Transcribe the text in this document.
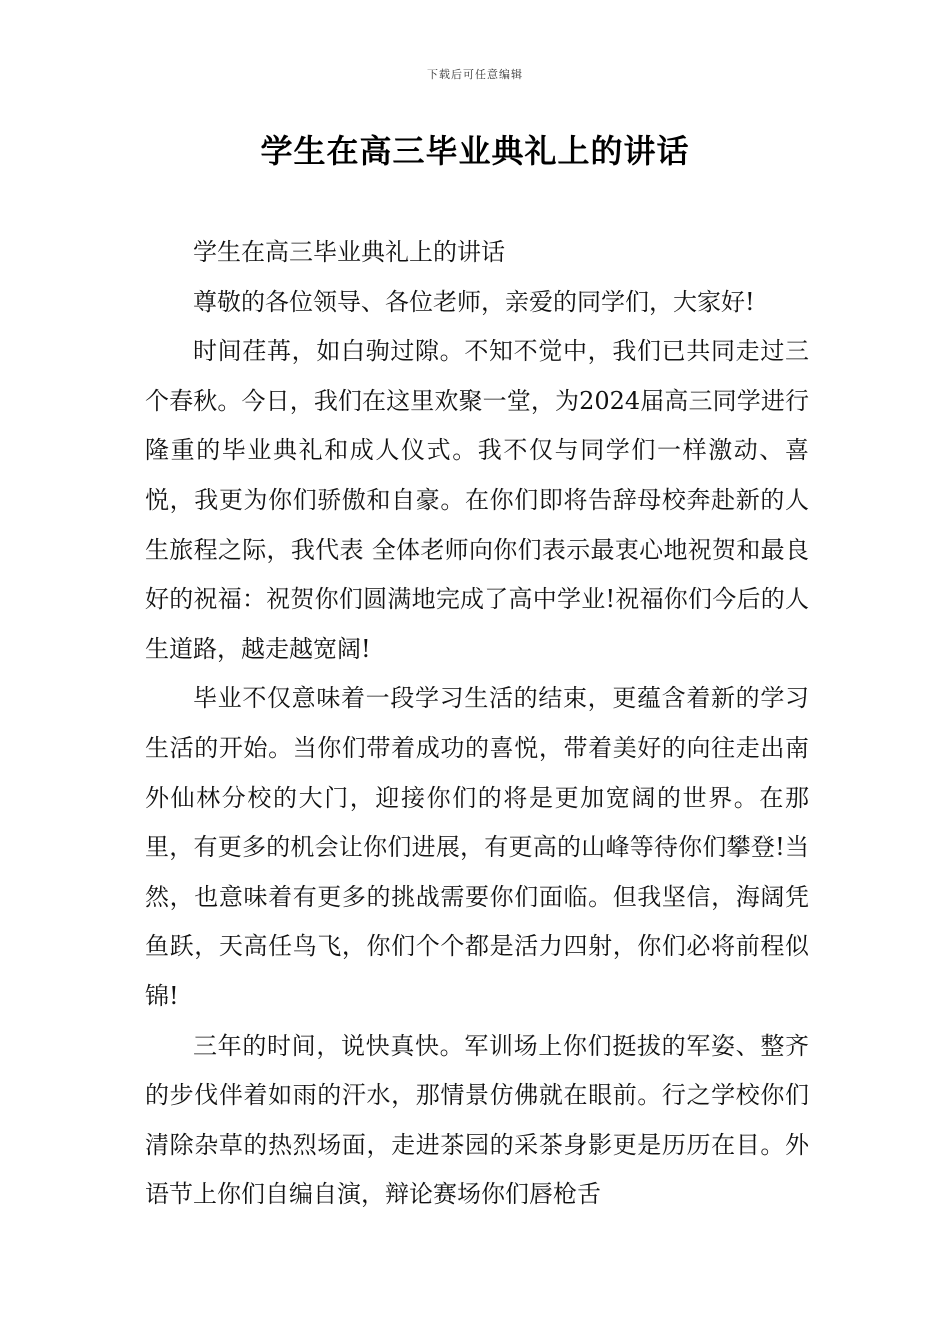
下载后可任意编辑
学生在高三毕业典礼上的讲话

学生在高三毕业典礼上的讲话

尊敬的各位领导、各位老师，亲爱的同学们，大家好!

时间荏苒，如白驹过隙。不知不觉中，我们已共同走过三个春秋。今日，我们在这里欢聚一堂，为2024届高三同学进行隆重的毕业典礼和成人仪式。我不仅与同学们一样激动、喜悦，我更为你们骄傲和自豪。在你们即将告辞母校奔赴新的人生旅程之际，我代表 全体老师向你们表示最衷心地祝贺和最良好的祝福：祝贺你们圆满地完成了高中学业!祝福你们今后的人生道路，越走越宽阔!

毕业不仅意味着一段学习生活的结束，更蕴含着新的学习生活的开始。当你们带着成功的喜悦，带着美好的向往走出南外仙林分校的大门，迎接你们的将是更加宽阔的世界。在那里，有更多的机会让你们进展，有更高的山峰等待你们攀登!当然，也意味着有更多的挑战需要你们面临。但我坚信，海阔凭鱼跃，天高任鸟飞，你们个个都是活力四射，你们必将前程似锦!

三年的时间，说快真快。军训场上你们挺拔的军姿、整齐的步伐伴着如雨的汗水，那情景仿佛就在眼前。行之学校你们清除杂草的热烈场面，走进茶园的采茶身影更是历历在目。外语节上你们自编自演，辩论赛场你们唇枪舌
